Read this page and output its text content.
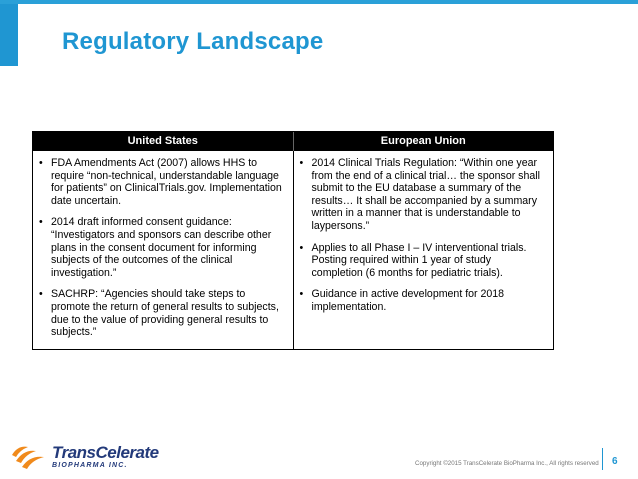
Regulatory Landscape
United States	European Union
• FDA Amendments Act (2007) allows HHS to require “non-technical, understandable language for patients” on ClinicalTrials.gov. Implementation date uncertain.
• 2014 draft informed consent guidance: “Investigators and sponsors can describe other plans in the consent document for informing subjects of the outcomes of the clinical investigation.”
• SACHRP: “Agencies should take steps to promote the return of general results to subjects, due to the value of providing general results to subjects.”
• 2014 Clinical Trials Regulation: “Within one year from the end of a clinical trial… the sponsor shall submit to the EU database a summary of the results… It shall be accompanied by a summary written in a manner that is understandable to laypersons.”
• Applies to all Phase I – IV interventional trials. Posting required within 1 year of study completion (6 months for pediatric trials).
• Guidance in active development for 2018 implementation.
TransCelerate
BIOPHARMA INC.	Copyright ©2015 TransCelerate BioPharma Inc., All rights reserved 6
